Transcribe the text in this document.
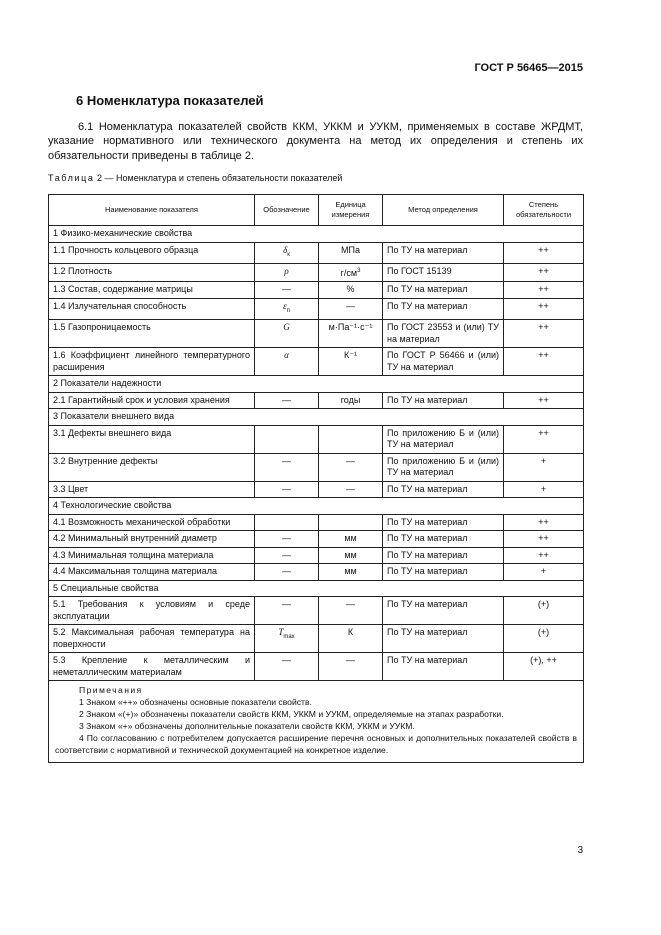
ГОСТ Р 56465—2015
6 Номенклатура показателей
6.1 Номенклатура показателей свойств ККМ, УККМ и УУКМ, применяемых в составе ЖРДМТ, указание нормативного или технического документа на метод их определения и степень их обязательности приведены в таблице 2.
Таблица 2 — Номенклатура и степень обязательности показателей
Наименование показателя	Обозначение	Единица измерения	Метод определения	Степень обязательности
1 Физико-механические свойства				
1.1 Прочность кольцевого образца	$\delta_к$	МПа	По ТУ на материал	++
1.2 Плотность	ρ	$г/см^3$	По ГОСТ 15139	++
1.3 Состав, содержание матрицы	—	%	По ТУ на материал	++
1.4 Излучательная способность	$\varepsilon_п$	—	По ТУ на материал	++
1.5 Газопроницаемость	G	м·Па⁻¹·с⁻¹	По ГОСТ 23553 и (или) ТУ на материал	++
1.6 Коэффициент линейного температурного расширения	α	К⁻¹	По ГОСТ Р 56466 и (или) ТУ на материал	++
2 Показатели надежности				
2.1 Гарантийный срок и условия хранения	—	годы	По ТУ на материал	++
3 Показатели внешнего вида				
3.1 Дефекты внешнего вида			По приложению Б и (или) ТУ на материал	++
3.2 Внутренние дефекты	—	—	По приложению Б и (или) ТУ на материал	+
3.3 Цвет	—	—	По ТУ на материал	+
4 Технологические свойства				
4.1 Возможность механической обработки			По ТУ на материал	++
4.2 Минимальный внутренний диаметр	—	мм	По ТУ на материал	++
4.3 Минимальная толщина материала	—	мм	По ТУ на материал	++
4.4 Максимальная толщина материала	—	мм	По ТУ на материал	+
5 Специальные свойства				
5.1 Требования к условиям и среде эксплуатации	—	—	По ТУ на материал	(+)
5.2 Максимальная рабочая температура на поверхности	$T_{max}$	К	По ТУ на материал	(+)
5.3 Крепление к металлическим и неметаллическим материалам	—	—	По ТУ на материал	(+), ++

Примечания
1 Знаком «++» обозначены основные показатели свойств.
2 Знаком «(+)» обозначены показатели свойств ККМ, УККМ и УУКМ, определяемые на этапах разработки.
3 Знаком «+» обозначены дополнительные показатели свойств ККМ, УККМ и УУКМ.
4 По согласованию с потребителем допускается расширение перечня основных и дополнительных показателей свойств в соответствии с нормативной и технической документацией на конкретное изделие.				
3
